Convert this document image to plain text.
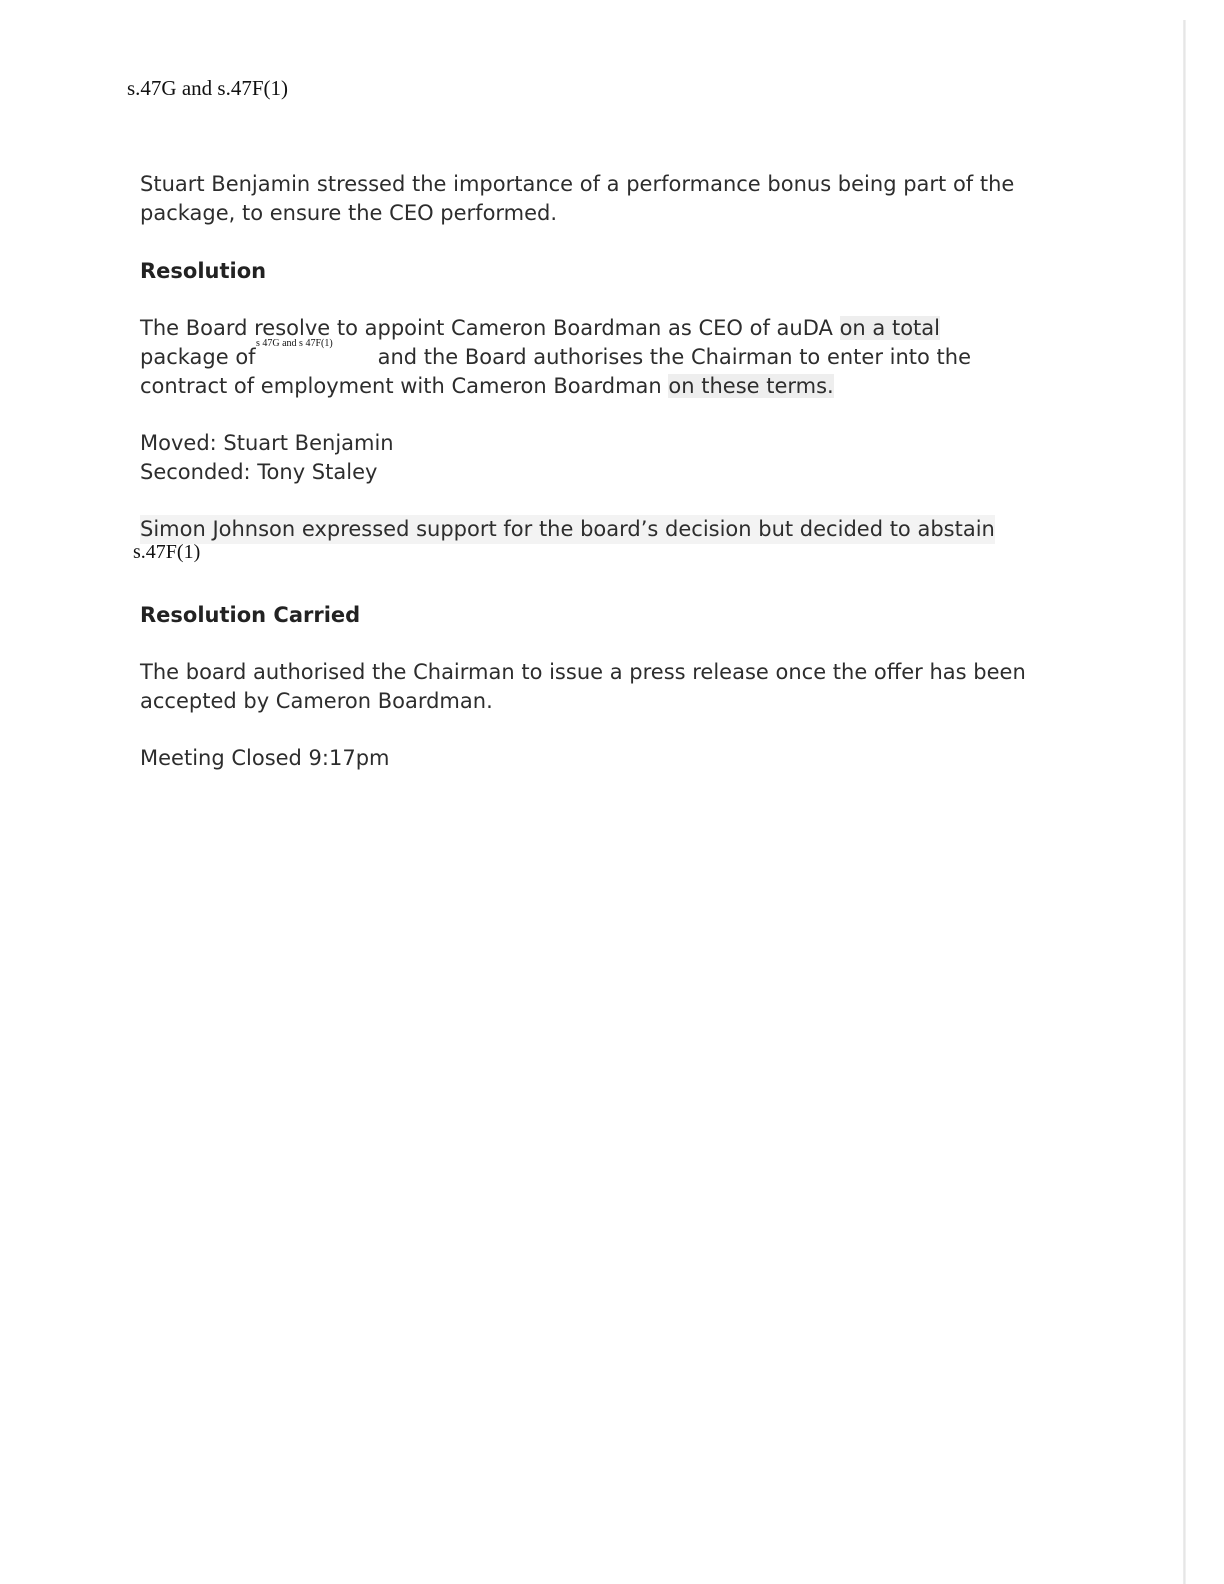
s.47G and s.47F(1)

Stuart Benjamin stressed the importance of a performance bonus being part of the
package, to ensure the CEO performed.

Resolution

The Board resolve to appoint Cameron Boardman as CEO of auDA on a total
package of	and the Board authorises the Chairman to enter into the
contract of employment with Cameron Boardman on these terms.

s 47G and s 47F(1)

Moved: Stuart Benjamin
Seconded: Tony Staley

Simon Johnson expressed support for the board’s decision but decided to abstain

s.47F(1)

Resolution Carried

The board authorised the Chairman to issue a press release once the offer has been
accepted by Cameron Boardman.

Meeting Closed 9:17pm
